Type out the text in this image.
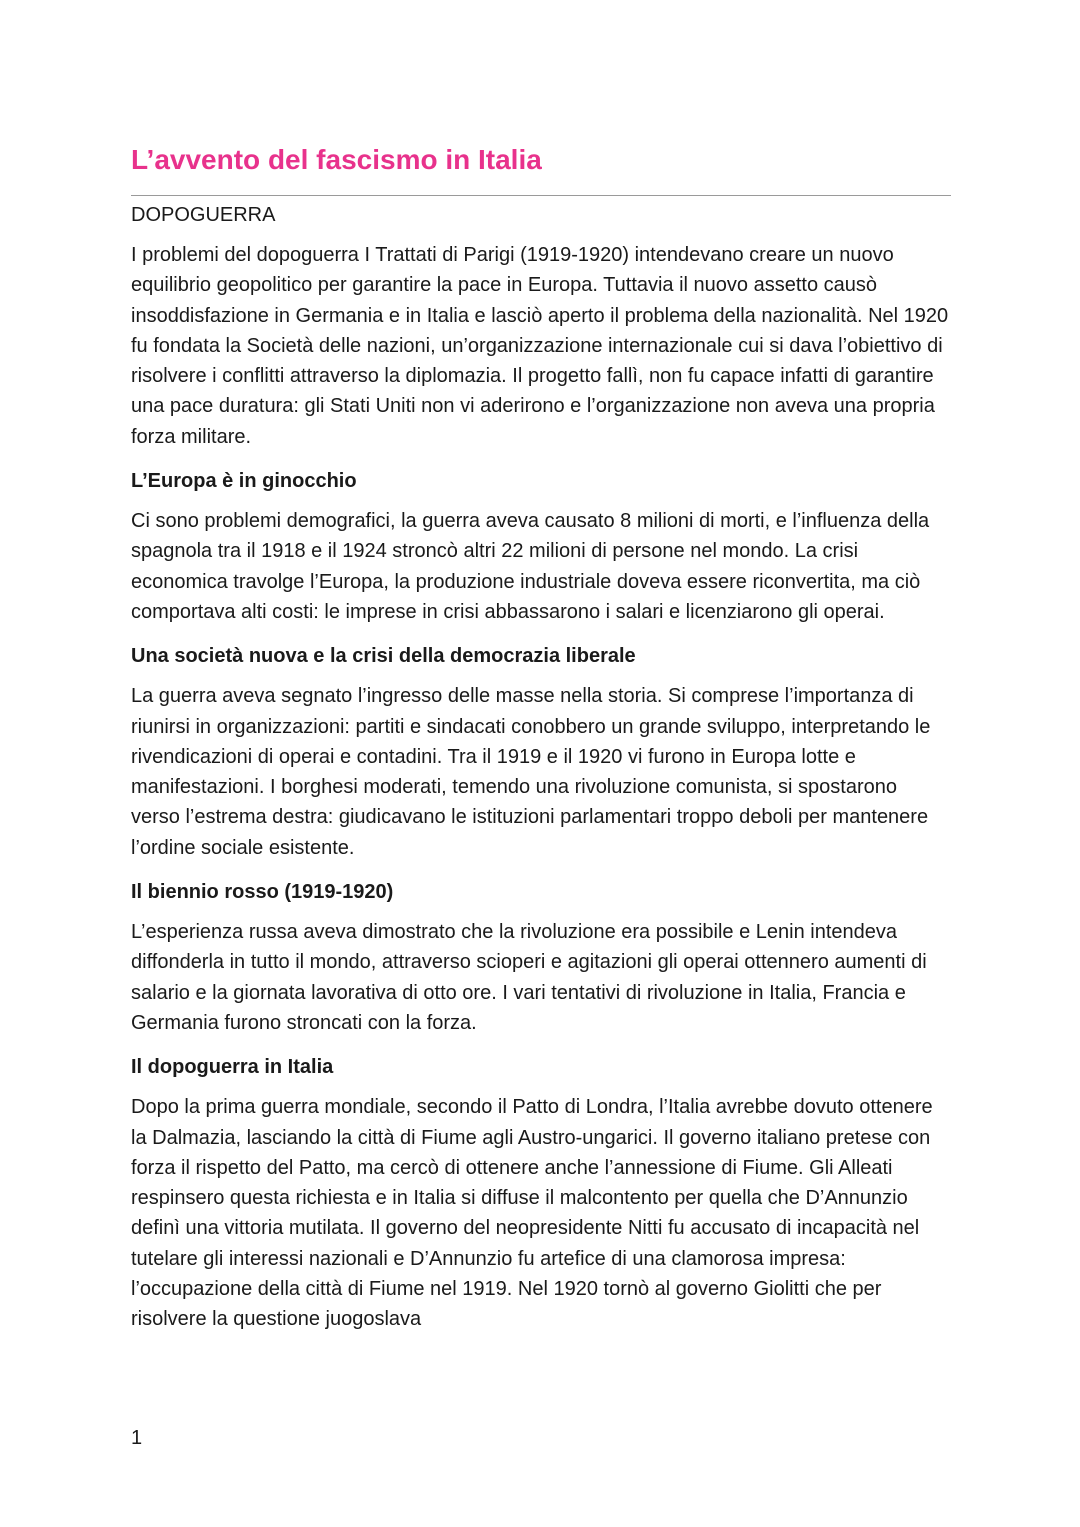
L’avvento del fascismo in Italia

DOPOGUERRA

I problemi del dopoguerra I Trattati di Parigi (1919-1920) intendevano creare un nuovo equilibrio geopolitico per garantire la pace in Europa. Tuttavia il nuovo assetto causò insoddisfazione in Germania e in Italia e lasciò aperto il problema della nazionalità. Nel 1920 fu fondata la Società delle nazioni, un’organizzazione internazionale cui si dava l’obiettivo di risolvere i conflitti attraverso la diplomazia. Il progetto fallì, non fu capace infatti di garantire una pace duratura: gli Stati Uniti non vi aderirono e l’organizzazione non aveva una propria forza militare.

L’Europa è in ginocchio

Ci sono problemi demografici, la guerra aveva causato 8 milioni di morti, e l’influenza della spagnola tra il 1918 e il 1924 stroncò altri 22 milioni di persone nel mondo. La crisi economica travolge l’Europa, la produzione industriale doveva essere riconvertita, ma ciò comportava alti costi: le imprese in crisi abbassarono i salari e licenziarono gli operai.

Una società nuova e la crisi della democrazia liberale

La guerra aveva segnato l’ingresso delle masse nella storia. Si comprese l’importanza di riunirsi in organizzazioni: partiti e sindacati conobbero un grande sviluppo, interpretando le rivendicazioni di operai e contadini. Tra il 1919 e il 1920 vi furono in Europa lotte e manifestazioni. I borghesi moderati, temendo una rivoluzione comunista, si spostarono verso l’estrema destra: giudicavano le istituzioni parlamentari troppo deboli per mantenere l’ordine sociale esistente.

Il biennio rosso (1919-1920)

L’esperienza russa aveva dimostrato che la rivoluzione era possibile e Lenin intendeva diffonderla in tutto il mondo, attraverso scioperi e agitazioni gli operai ottennero aumenti di salario e la giornata lavorativa di otto ore. I vari tentativi di rivoluzione in Italia, Francia e Germania furono stroncati con la forza.

Il dopoguerra in Italia

Dopo la prima guerra mondiale, secondo il Patto di Londra, l’Italia avrebbe dovuto ottenere la Dalmazia, lasciando la città di Fiume agli Austro-ungarici. Il governo italiano pretese con forza il rispetto del Patto, ma cercò di ottenere anche l’annessione di Fiume. Gli Alleati respinsero questa richiesta e in Italia si diffuse il malcontento per quella che D’Annunzio definì una vittoria mutilata. Il governo del neopresidente Nitti fu accusato di incapacità nel tutelare gli interessi nazionali e D’Annunzio fu artefice di una clamorosa impresa: l’occupazione della città di Fiume nel 1919. Nel 1920 tornò al governo Giolitti che per risolvere la questione juogoslava

1
